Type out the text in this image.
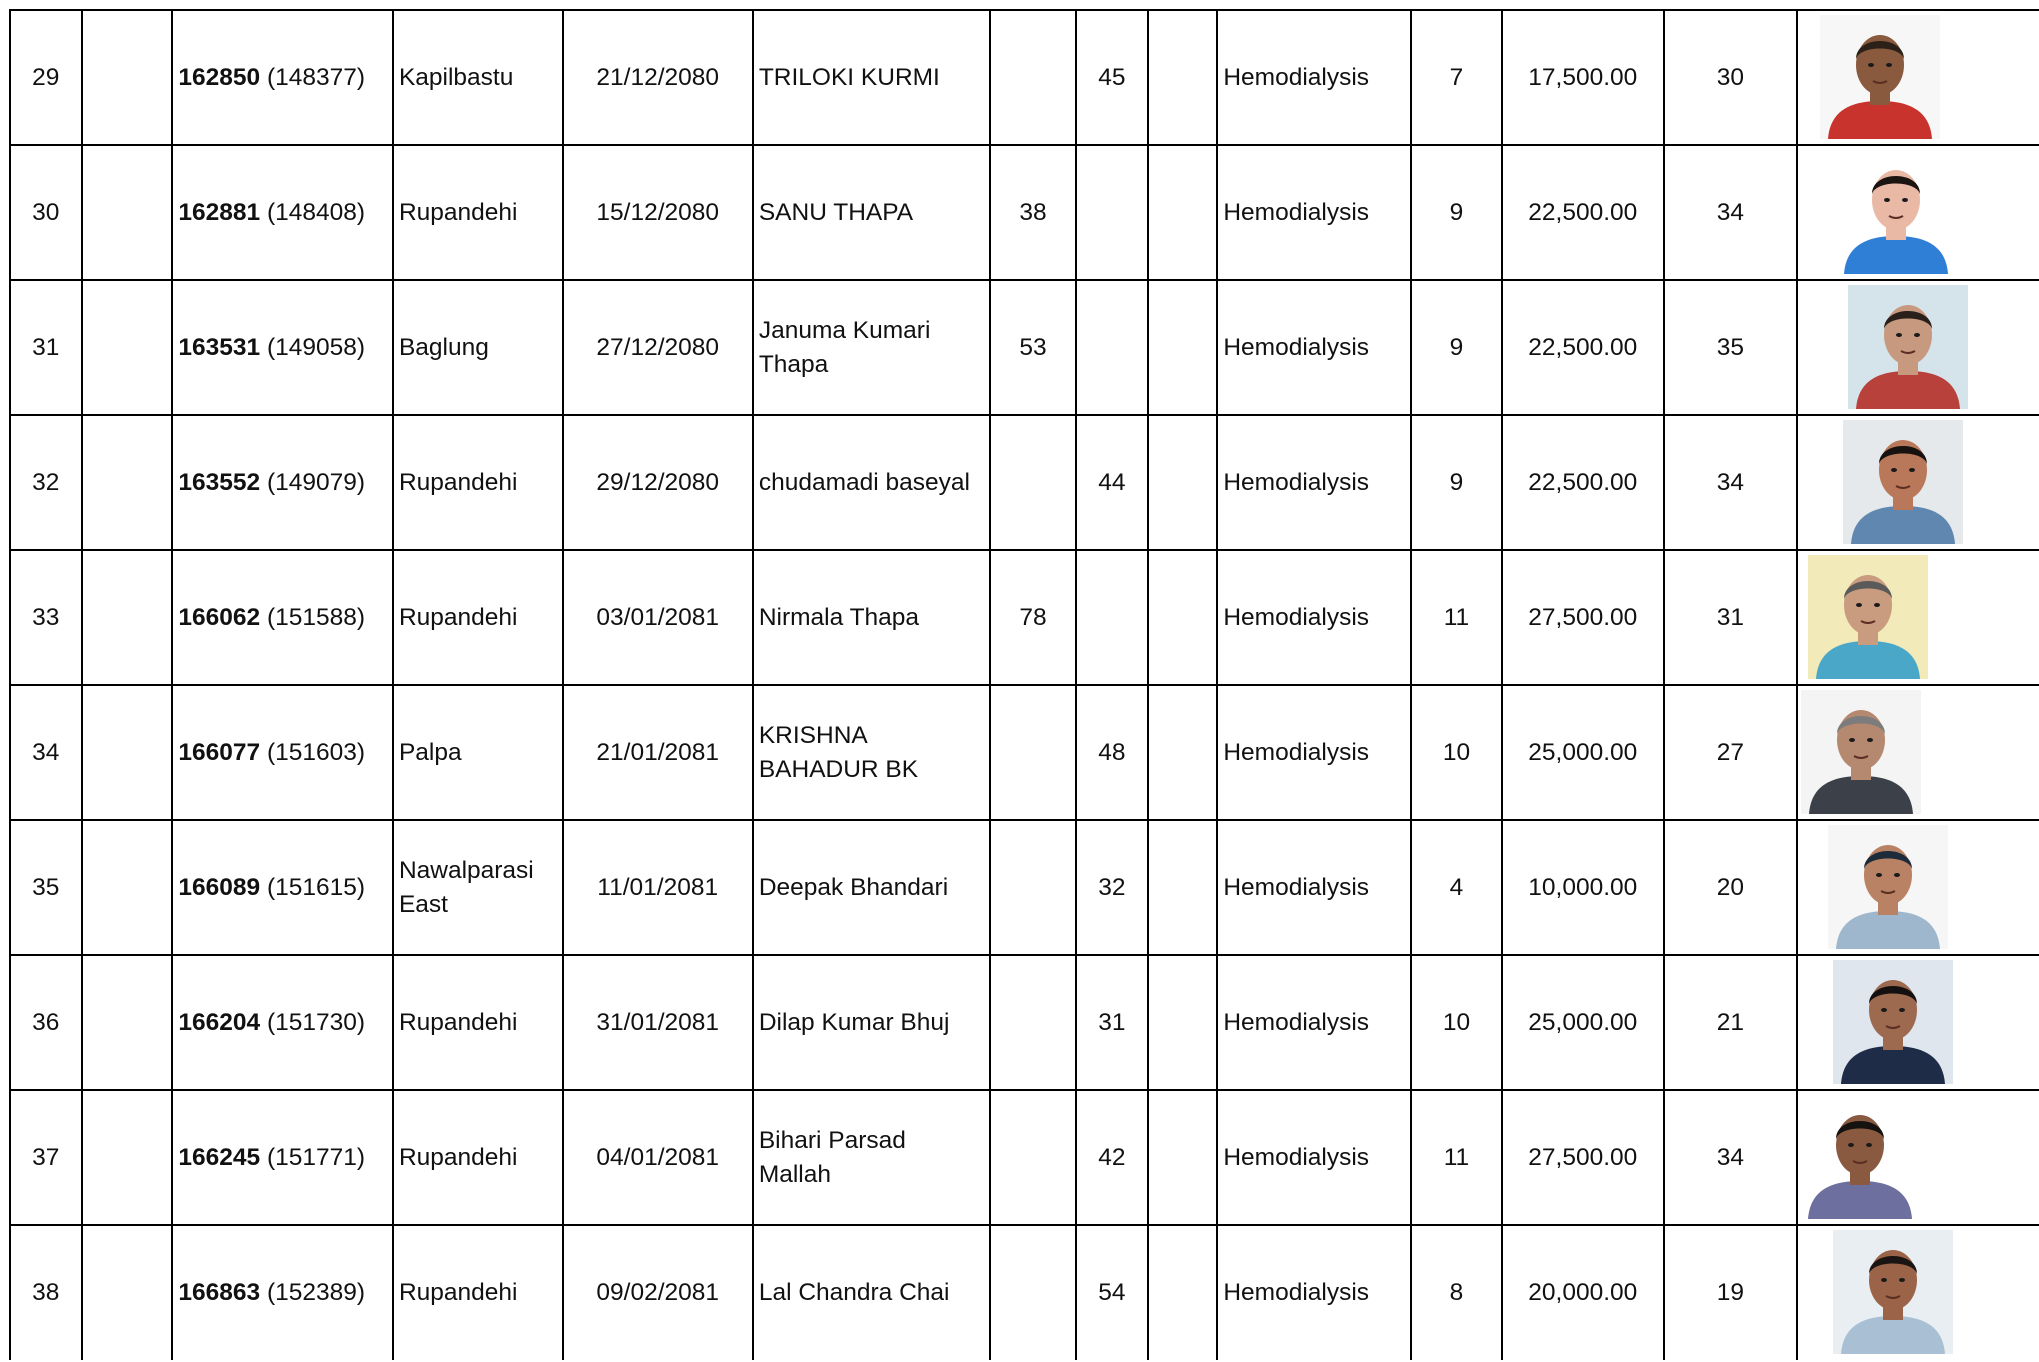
29		162850 (148377)	Kapilbastu	21/12/2080	TRILOKI KURMI		45		Hemodialysis	7	17,500.00	30	

30		162881 (148408)	Rupandehi	15/12/2080	SANU THAPA	38			Hemodialysis	9	22,500.00	34	

31		163531 (149058)	Baglung	27/12/2080	Januma Kumari Thapa	53			Hemodialysis	9	22,500.00	35	

32		163552 (149079)	Rupandehi	29/12/2080	chudamadi baseyal		44		Hemodialysis	9	22,500.00	34	

33		166062 (151588)	Rupandehi	03/01/2081	Nirmala Thapa	78			Hemodialysis	11	27,500.00	31	

34		166077 (151603)	Palpa	21/01/2081	KRISHNA BAHADUR BK		48		Hemodialysis	10	25,000.00	27	

35		166089 (151615)	Nawalparasi East	11/01/2081	Deepak Bhandari		32		Hemodialysis	4	10,000.00	20	

36		166204 (151730)	Rupandehi	31/01/2081	Dilap Kumar Bhuj		31		Hemodialysis	10	25,000.00	21	

37		166245 (151771)	Rupandehi	04/01/2081	Bihari Parsad Mallah		42		Hemodialysis	11	27,500.00	34	

38		166863 (152389)	Rupandehi	09/02/2081	Lal Chandra Chai		54		Hemodialysis	8	20,000.00	19	
